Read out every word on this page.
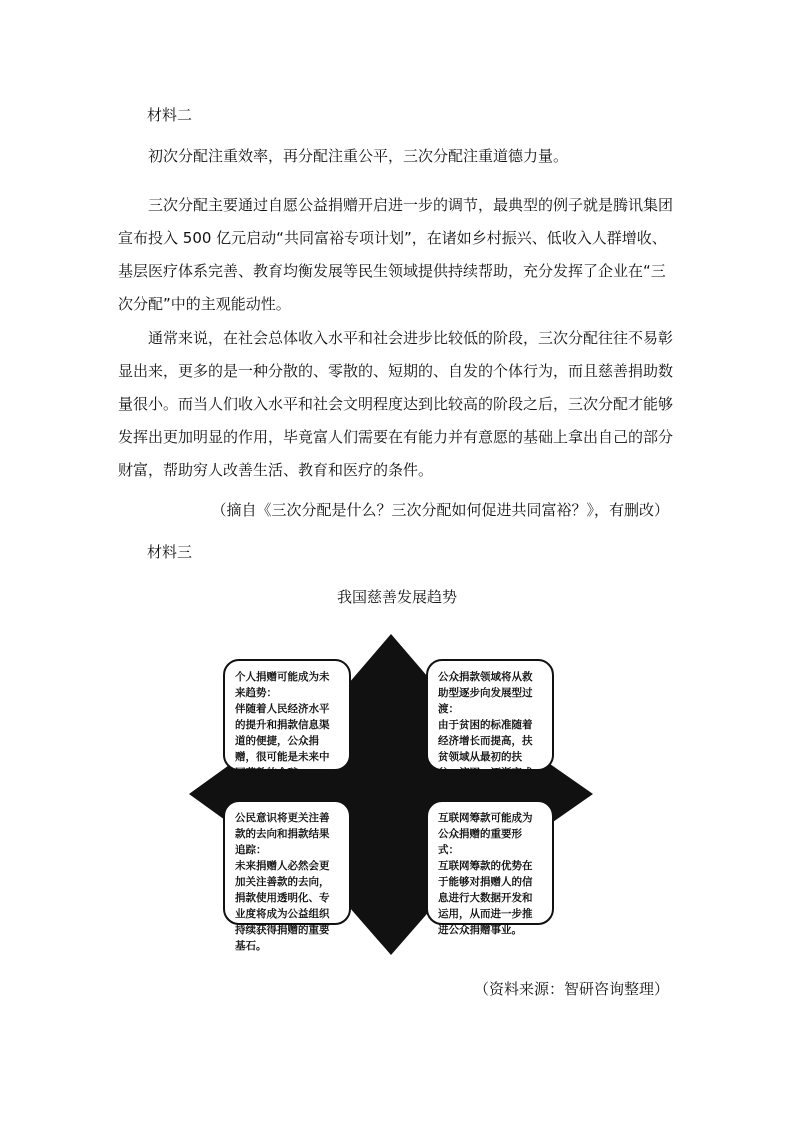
材料二

初次分配注重效率，再分配注重公平，三次分配注重道德力量。

三次分配主要通过自愿公益捐赠开启进一步的调节，最典型的例子就是腾讯集团宣布投入 500 亿元启动“共同富裕专项计划”，在诸如乡村振兴、低收入人群增收、基层医疗体系完善、教育均衡发展等民生领域提供持续帮助，充分发挥了企业在“三次分配”中的主观能动性。

通常来说，在社会总体收入水平和社会进步比较低的阶段，三次分配往往不易彰显出来，更多的是一种分散的、零散的、短期的、自发的个体行为，而且慈善捐助数量很小。而当人们收入水平和社会文明程度达到比较高的阶段之后，三次分配才能够发挥出更加明显的作用，毕竟富人们需要在有能力并有意愿的基础上拿出自己的部分财富，帮助穷人改善生活、教育和医疗的条件。

（摘自《三次分配是什么？三次分配如何促进共同富裕？》，有删改）
材料三
我国慈善发展趋势
个人捐赠可能成为未来趋势：
伴随着人民经济水平的提升和捐款信息渠道的便捷，公众捐赠，很可能是未来中国募款的金矿。
公众捐款领域将从救助型逐步向发展型过渡：
由于贫困的标准随着经济增长而提高，扶贫领域从最初的扶贫、济困，逐渐变成社会发展。
公民意识将更关注善款的去向和捐款结果追踪：
未来捐赠人必然会更加关注善款的去向，捐款使用透明化、专业度将成为公益组织持续获得捐赠的重要基石。
互联网筹款可能成为公众捐赠的重要形式：
互联网筹款的优势在于能够对捐赠人的信息进行大数据开发和运用，从而进一步推进公众捐赠事业。
（资料来源：智研咨询整理）
